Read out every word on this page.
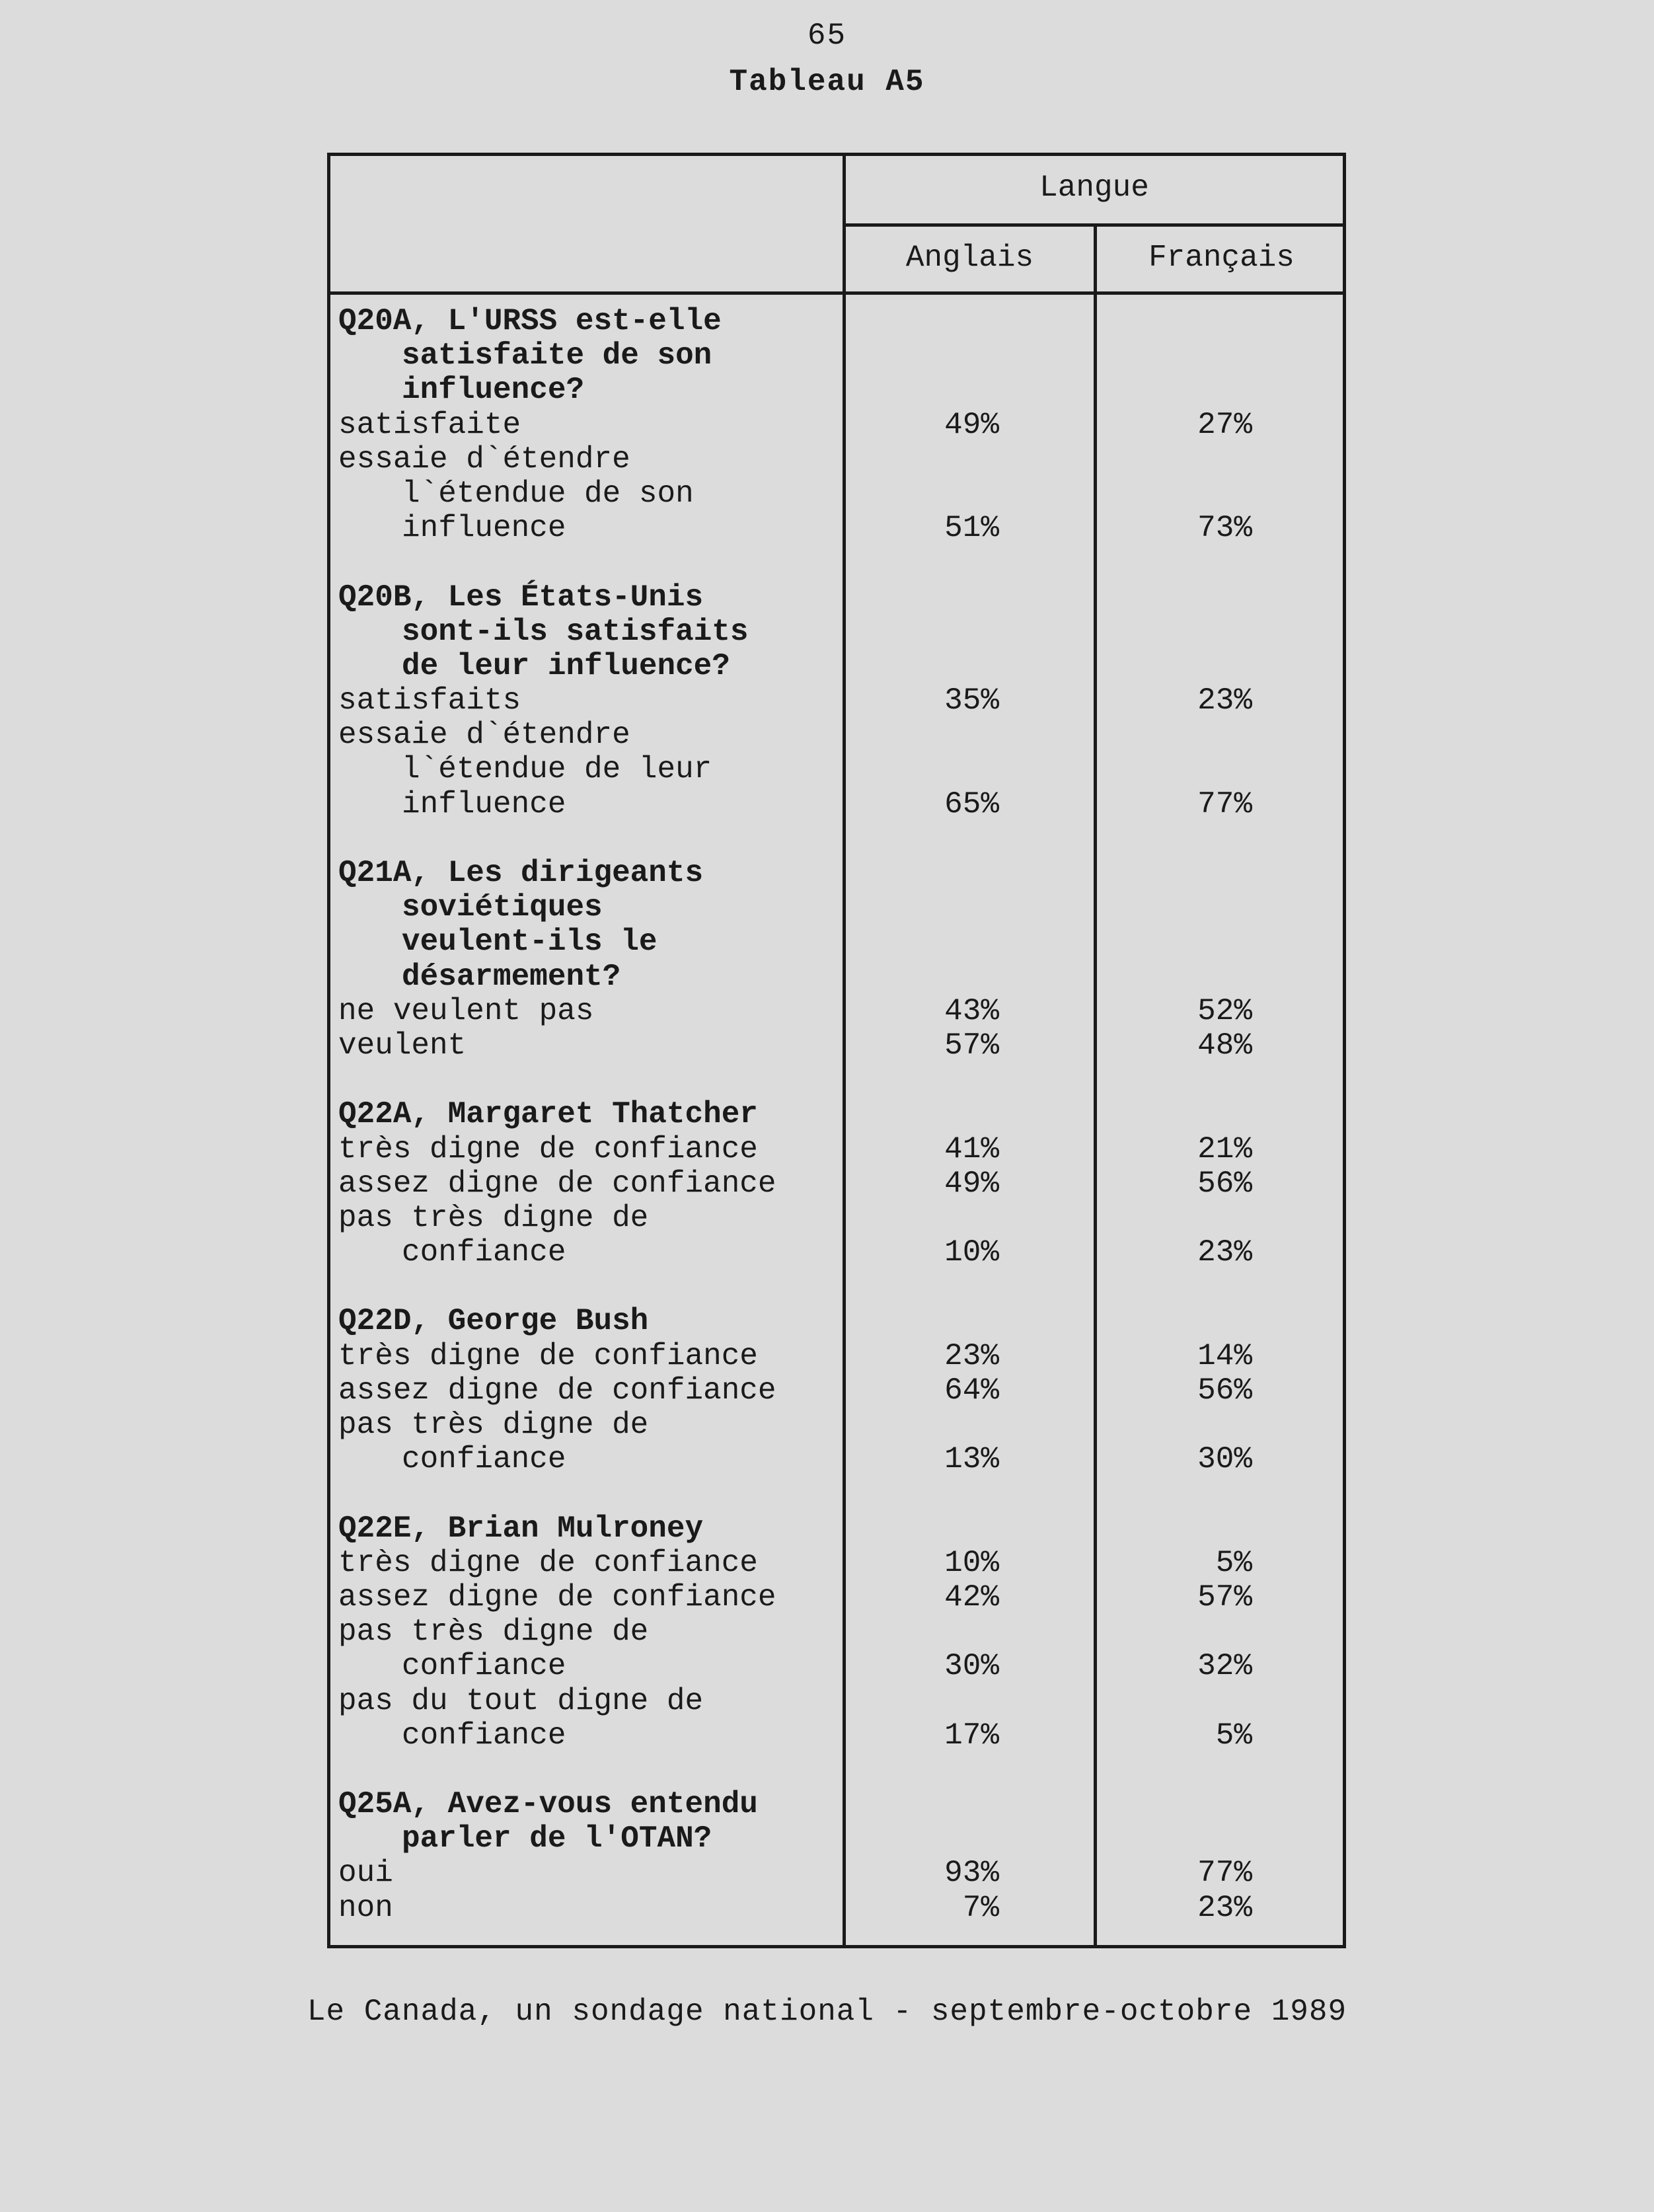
65
Tableau A5
Langue
Anglais	Français
Q20A, L'URSS est-elle
satisfaite de son
influence?
satisfaite
essaie d`étendre
l`étendue de son
influence
Q20B, Les États-Unis
sont-ils satisfaits
de leur influence?
satisfaits
essaie d`étendre
l`étendue de leur
influence
Q21A, Les dirigeants
soviétiques
veulent-ils le
désarmement?
ne veulent pas
veulent
Q22A, Margaret Thatcher
très digne de confiance
assez digne de confiance
pas très digne de
confiance
Q22D, George Bush
très digne de confiance
assez digne de confiance
pas très digne de
confiance
Q22E, Brian Mulroney
très digne de confiance
assez digne de confiance
pas très digne de
confiance
pas du tout digne de
confiance
Q25A, Avez-vous entendu
parler de l'OTAN?
oui
non
49%
51%
35%
65%
43%
57%
41%
49%
10%
23%
64%
13%
10%
42%
30%
17%
93%
7%
27%
73%
23%
77%
52%
48%
21%
56%
23%
14%
56%
30%
5%
57%
32%
5%
77%
23%
Le Canada, un sondage national - septembre-octobre 1989
